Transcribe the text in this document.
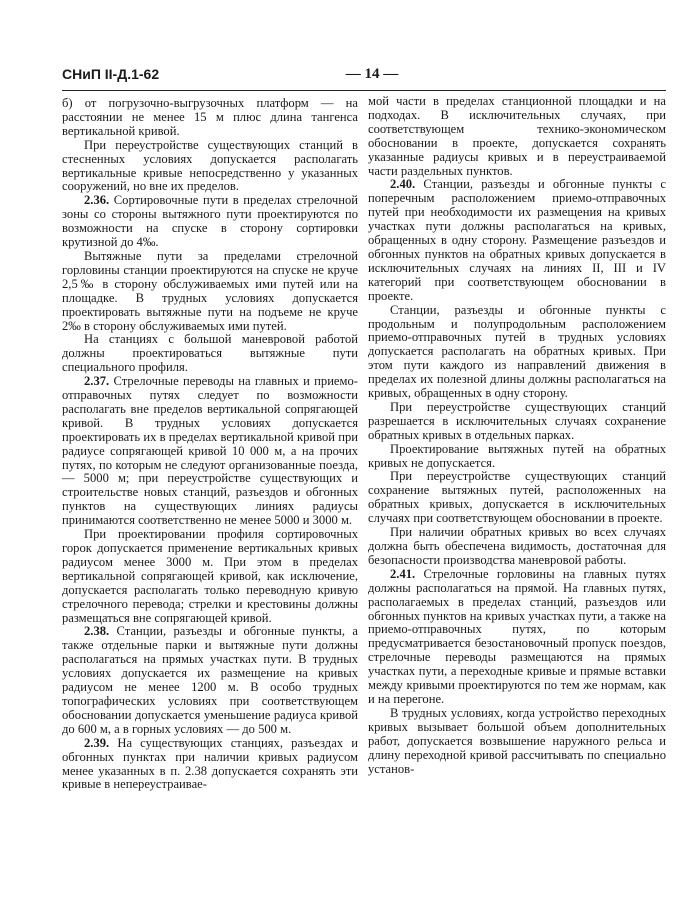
СНиП II-Д.1-62	— 14 —

б) от погрузочно-выгрузочных платформ — на расстоянии не менее 15 м плюс длина тангенса вертикальной кривой.

При переустройстве существующих станций в стесненных условиях допускается располагать вертикальные кривые непосредственно у указанных сооружений, но вне их пределов.

2.36. Сортировочные пути в пределах стрелочной зоны со стороны вытяжного пути проектируются по возможности на спуске в сторону сортировки крутизной до 4‰.

Вытяжные пути за пределами стрелочной горловины станции проектируются на спуске не круче 2,5‰ в сторону обслуживаемых ими путей или на площадке. В трудных условиях допускается проектировать вытяжные пути на подъеме не круче 2‰ в сторону обслуживаемых ими путей.

На станциях с большой маневровой работой должны проектироваться вытяжные пути специального профиля.

2.37. Стрелочные переводы на главных и приемо-отправочных путях следует по возможности располагать вне пределов вертикальной сопрягающей кривой. В трудных условиях допускается проектировать их в пределах вертикальной кривой при радиусе сопрягающей кривой 10 000 м, а на прочих путях, по которым не следуют организованные поезда, — 5000 м; при переустройстве существующих и строительстве новых станций, разъездов и обгонных пунктов на существующих линиях радиусы принимаются соответственно не менее 5000 и 3000 м.

При проектировании профиля сортировочных горок допускается применение вертикальных кривых радиусом менее 3000 м. При этом в пределах вертикальной сопрягающей кривой, как исключение, допускается располагать только переводную кривую стрелочного перевода; стрелки и крестовины должны размещаться вне сопрягающей кривой.

2.38. Станции, разъезды и обгонные пункты, а также отдельные парки и вытяжные пути должны располагаться на прямых участках пути. В трудных условиях допускается их размещение на кривых радиусом не менее 1200 м. В особо трудных топографических условиях при соответствующем обосновании допускается уменьшение радиуса кривой до 600 м, а в горных условиях — до 500 м.

2.39. На существующих станциях, разъездах и обгонных пунктах при наличии кривых радиусом менее указанных в п. 2.38 допускается сохранять эти кривые в непереустраивае-

мой части в пределах станционной площадки и на подходах. В исключительных случаях, при соответствующем технико-экономическом обосновании в проекте, допускается сохранять указанные радиусы кривых и в переустраиваемой части раздельных пунктов.

2.40. Станции, разъезды и обгонные пункты с поперечным расположением приемо-отправочных путей при необходимости их размещения на кривых участках пути должны располагаться на кривых, обращенных в одну сторону. Размещение разъездов и обгонных пунктов на обратных кривых допускается в исключительных случаях на линиях II, III и IV категорий при соответствующем обосновании в проекте.

Станции, разъезды и обгонные пункты с продольным и полупродольным расположением приемо-отправочных путей в трудных условиях допускается располагать на обратных кривых. При этом пути каждого из направлений движения в пределах их полезной длины должны располагаться на кривых, обращенных в одну сторону.

При переустройстве существующих станций разрешается в исключительных случаях сохранение обратных кривых в отдельных парках.

Проектирование вытяжных путей на обратных кривых не допускается.

При переустройстве существующих станций сохранение вытяжных путей, расположенных на обратных кривых, допускается в исключительных случаях при соответствующем обосновании в проекте.

При наличии обратных кривых во всех случаях должна быть обеспечена видимость, достаточная для безопасности производства маневровой работы.

2.41. Стрелочные горловины на главных путях должны располагаться на прямой. На главных путях, располагаемых в пределах станций, разъездов или обгонных пунктов на кривых участках пути, а также на приемо-отправочных путях, по которым предусматривается безостановочный пропуск поездов, стрелочные переводы размещаются на прямых участках пути, а переходные кривые и прямые вставки между кривыми проектируются по тем же нормам, как и на перегоне.

В трудных условиях, когда устройство переходных кривых вызывает большой объем дополнительных работ, допускается возвышение наружного рельса и длину переходной кривой рассчитывать по специально установ-
